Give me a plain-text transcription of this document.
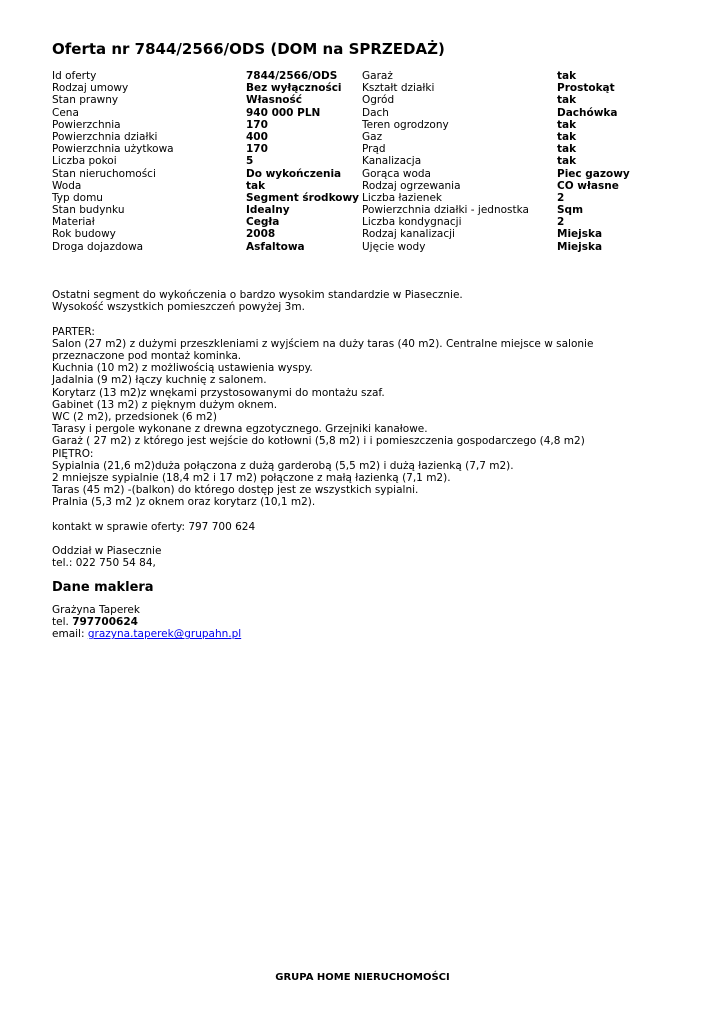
Oferta nr 7844/2566/ODS (DOM na SPRZEDAŻ)
Id oferty
Rodzaj umowy
Stan prawny
Cena
Powierzchnia
Powierzchnia działki
Powierzchnia użytkowa
Liczba pokoi
Stan nieruchomości
Woda
Typ domu
Stan budynku
Materiał
Rok budowy
Droga dojazdowa
7844/2566/ODS
Bez wyłączności
Własność
940 000 PLN
170
400
170
5
Do wykończenia
tak
Segment środkowy
Idealny
Cegła
2008
Asfaltowa
Garaż
Kształt działki
Ogród
Dach
Teren ogrodzony
Gaz
Prąd
Kanalizacja
Gorąca woda
Rodzaj ogrzewania
Liczba łazienek
Powierzchnia działki - jednostka
Liczba kondygnacji
Rodzaj kanalizacji
Ujęcie wody
tak
Prostokąt
tak
Dachówka
tak
tak
tak
tak
Piec gazowy
CO własne
2
Sqm
2
Miejska
Miejska
Ostatni segment do wykończenia o bardzo wysokim standardzie w Piasecznie.
Wysokość wszystkich pomieszczeń powyżej 3m.
PARTER:
Salon (27 m2) z dużymi przeszkleniami z wyjściem na duży taras (40 m2). Centralne miejsce w salonie przeznaczone pod montaż kominka.
Kuchnia (10 m2) z możliwością ustawienia wyspy.
Jadalnia (9 m2) łączy kuchnię z salonem.
Korytarz (13 m2)z wnękami przystosowanymi do montażu szaf.
Gabinet (13 m2) z pięknym dużym oknem.
WC (2 m2), przedsionek (6 m2)
Tarasy i pergole wykonane z drewna egzotycznego. Grzejniki kanałowe.
Garaż ( 27 m2) z którego jest wejście do kotłowni (5,8 m2) i i pomieszczenia gospodarczego (4,8 m2)
PIĘTRO:
Sypialnia (21,6 m2)duża połączona z dużą garderobą (5,5 m2) i dużą łazienką (7,7 m2).
2 mniejsze sypialnie (18,4 m2 i 17 m2) połączone z małą łazienką (7,1 m2).
Taras (45 m2) -(balkon) do którego dostęp jest ze wszystkich sypialni.
Pralnia (5,3 m2 )z oknem oraz korytarz (10,1 m2).
kontakt w sprawie oferty: 797 700 624
Oddział w Piasecznie
tel.: 022 750 54 84,
Dane maklera
Grażyna Taperek
tel. 797700624
email: grazyna.taperek@grupahn.pl
GRUPA HOME NIERUCHOMOŚCI
